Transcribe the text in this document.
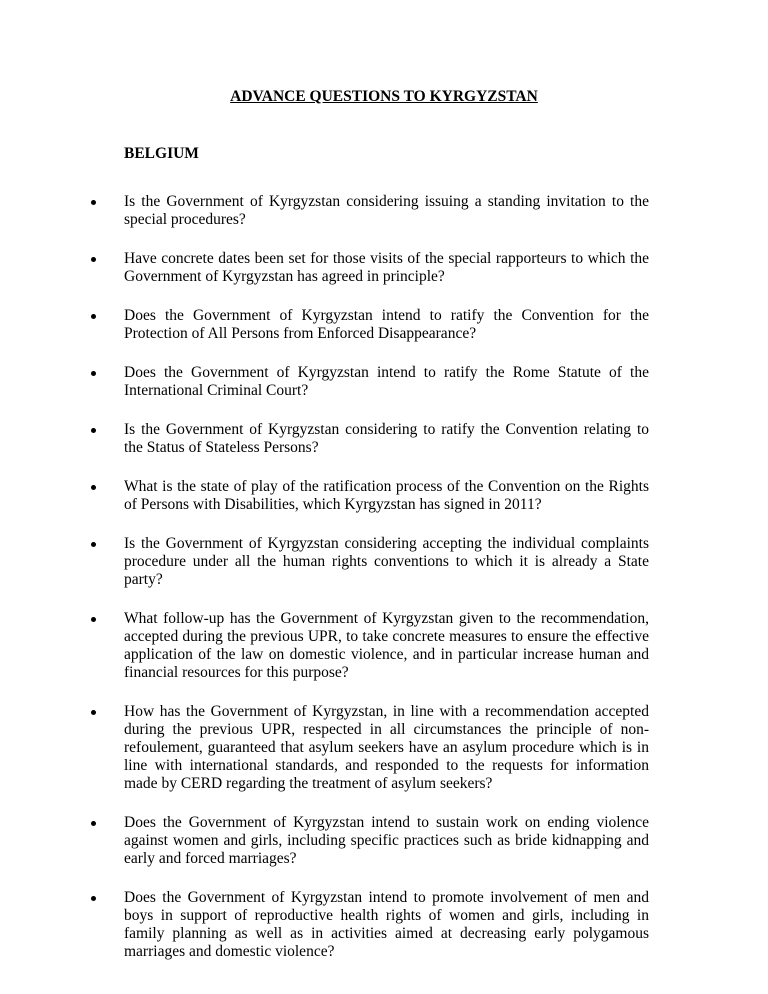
ADVANCE QUESTIONS TO KYRGYZSTAN
BELGIUM
Is the Government of Kyrgyzstan considering issuing a standing invitation to the special procedures?
Have concrete dates been set for those visits of the special rapporteurs to which the Government of Kyrgyzstan has agreed in principle?
Does the Government of Kyrgyzstan intend to ratify the Convention for the Protection of All Persons from Enforced Disappearance?
Does the Government of Kyrgyzstan intend to ratify the Rome Statute of the International Criminal Court?
Is the Government of Kyrgyzstan considering to ratify the Convention relating to the Status of Stateless Persons?
What is the state of play of the ratification process of the Convention on the Rights of Persons with Disabilities, which Kyrgyzstan has signed in 2011?
Is the Government of Kyrgyzstan considering accepting the individual complaints procedure under all the human rights conventions to which it is already a State party?
What follow-up has the Government of Kyrgyzstan given to the recommendation, accepted during the previous UPR, to take concrete measures to ensure the effective application of the law on domestic violence, and in particular increase human and financial resources for this purpose?
How has the Government of Kyrgyzstan, in line with a recommendation accepted during the previous UPR, respected in all circumstances the principle of non-refoulement, guaranteed that asylum seekers have an asylum procedure which is in line with international standards, and responded to the requests for information made by CERD regarding the treatment of asylum seekers?
Does the Government of Kyrgyzstan intend to sustain work on ending violence against women and girls, including specific practices such as bride kidnapping and early and forced marriages?
Does the Government of Kyrgyzstan intend to promote involvement of men and boys in support of reproductive health rights of women and girls, including in family planning as well as in activities aimed at decreasing early polygamous marriages and domestic violence?
